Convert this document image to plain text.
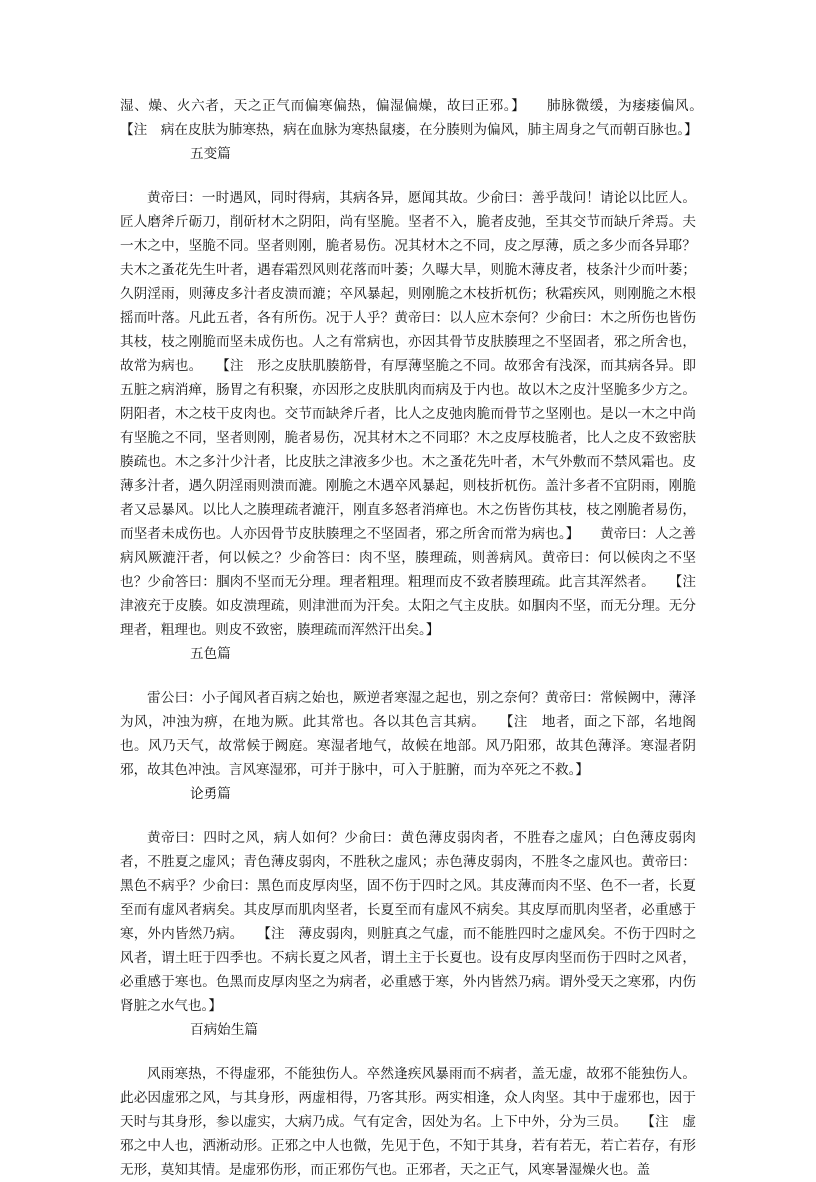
湿、燥、火六者，天之正气而偏寒偏热，偏湿偏燥，故曰正邪。】　　肺脉微缓，为痿痿偏风。　【注　病在皮肤为肺寒热，病在血脉为寒热鼠瘘，在分腠则为偏风，肺主周身之气而朝百脉也。】

五变篇

黄帝曰：一时遇风，同时得病，其病各异，愿闻其故。少俞曰：善乎哉问！请论以比匠人。匠人磨斧斤砺刀，削斫材木之阴阳，尚有坚脆。坚者不入，脆者皮弛，至其交节而缺斤斧焉。夫一木之中，坚脆不同。坚者则刚，脆者易伤。况其材木之不同，皮之厚薄，质之多少而各异耶？夫木之蚤花先生叶者，遇春霜烈风则花落而叶萎；久曝大旱，则脆木薄皮者，枝条汁少而叶萎；久阴淫雨，则薄皮多汁者皮溃而漉；卒风暴起，则刚脆之木枝折杌伤；秋霜疾风，则刚脆之木根摇而叶落。凡此五者，各有所伤。况于人乎？黄帝曰：以人应木奈何？少俞曰：木之所伤也皆伤其枝，枝之刚脆而坚未成伤也。人之有常病也，亦因其骨节皮肤腠理之不坚固者，邪之所舍也，故常为病也。　　【注　形之皮肤肌腠筋骨，有厚薄坚脆之不同。故邪舍有浅深，而其病各异。即五脏之病消瘅，肠胃之有积聚，亦因形之皮肤肌肉而病及于内也。故以木之皮汁坚脆多少方之。阴阳者，木之枝干皮肉也。交节而缺斧斤者，比人之皮弛肉脆而骨节之坚刚也。是以一木之中尚有坚脆之不同，坚者则刚，脆者易伤，况其材木之不同耶？木之皮厚枝脆者，比人之皮不致密肤腠疏也。木之多汁少汁者，比皮肤之津液多少也。木之蚤花先叶者，木气外敷而不禁风霜也。皮薄多汁者，遇久阴淫雨则溃而漉。刚脆之木遇卒风暴起，则枝折杌伤。盖汁多者不宜阴雨，刚脆者又忌暴风。以比人之腠理疏者漉汗，刚直多怒者消瘅也。木之伤皆伤其枝，枝之刚脆者易伤，而坚者未成伤也。人亦因骨节皮肤腠理之不坚固者，邪之所舍而常为病也。】　　黄帝曰：人之善病风厥漉汗者，何以候之？少俞答曰：肉不坚，腠理疏，则善病风。黄帝曰：何以候肉之不坚也？少俞答曰：腘肉不坚而无分理。理者粗理。粗理而皮不致者腠理疏。此言其浑然者。　　【注　津液充于皮腠。如皮溃理疏，则津泄而为汗矣。太阳之气主皮肤。如腘肉不坚，而无分理。无分理者，粗理也。则皮不致密，腠理疏而浑然汗出矣。】

五色篇

雷公曰：小子闻风者百病之始也，厥逆者寒湿之起也，别之奈何？黄帝曰：常候阙中，薄泽为风，冲浊为痹，在地为厥。此其常也。各以其色言其病。　　【注　地者，面之下部，名地阁也。风乃天气，故常候于阙庭。寒湿者地气，故候在地部。风乃阳邪，故其色薄泽。寒湿者阴邪，故其色冲浊。言风寒湿邪，可并于脉中，可入于脏腑，而为卒死之不救。】

论勇篇

黄帝曰：四时之风，病人如何？少俞曰：黄色薄皮弱肉者，不胜春之虚风；白色薄皮弱肉者，不胜夏之虚风；青色薄皮弱肉，不胜秋之虚风；赤色薄皮弱肉，不胜冬之虚风也。黄帝曰：黑色不病乎？少俞曰：黑色而皮厚肉坚，固不伤于四时之风。其皮薄而肉不坚、色不一者，长夏至而有虚风者病矣。其皮厚而肌肉坚者，长夏至而有虚风不病矣。其皮厚而肌肉坚者，必重感于寒，外内皆然乃病。　　【注　薄皮弱肉，则脏真之气虚，而不能胜四时之虚风矣。不伤于四时之风者，谓土旺于四季也。不病长夏之风者，谓土主于长夏也。设有皮厚肉坚而伤于四时之风者，必重感于寒也。色黑而皮厚肉坚之为病者，必重感于寒，外内皆然乃病。谓外受天之寒邪，内伤肾脏之水气也。】

百病始生篇

风雨寒热，不得虚邪，不能独伤人。卒然逢疾风暴雨而不病者，盖无虚，故邪不能独伤人。此必因虚邪之风，与其身形，两虚相得，乃客其形。两实相逢，众人肉坚。其中于虚邪也，因于天时与其身形，参以虚实，大病乃成。气有定舍，因处为名。上下中外，分为三员。　　【注　虚邪之中人也，洒淅动形。正邪之中人也微，先见于色，不知于其身，若有若无，若亡若存，有形无形，莫知其情。是虚邪伤形，而正邪伤气也。正邪者，天之正气，风寒暑湿燥火也。盖
